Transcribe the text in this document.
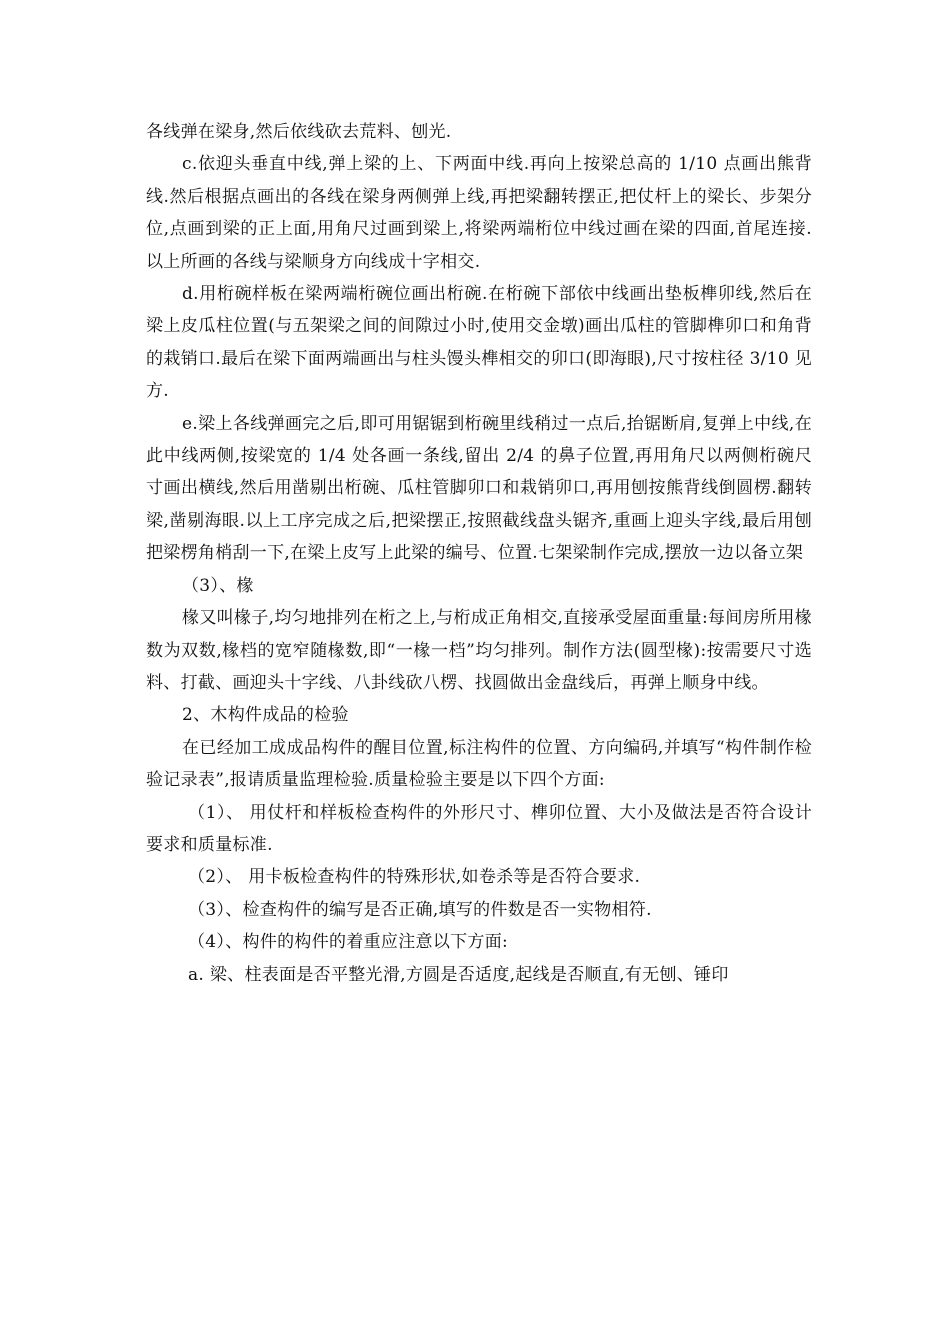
各线弹在梁身,然后依线砍去荒料、刨光.

c.依迎头垂直中线,弹上梁的上、下两面中线.再向上按梁总高的 1/10 点画出熊背线.然后根据点画出的各线在梁身两侧弹上线,再把梁翻转摆正,把仗杆上的梁长、步架分位,点画到梁的正上面,用角尺过画到梁上,将梁两端桁位中线过画在梁的四面,首尾连接.以上所画的各线与梁顺身方向线成十字相交.

d.用桁碗样板在梁两端桁碗位画出桁碗.在桁碗下部依中线画出垫板榫卯线,然后在梁上皮瓜柱位置(与五架梁之间的间隙过小时,使用交金墩)画出瓜柱的管脚榫卯口和角背的栽销口.最后在梁下面两端画出与柱头馒头榫相交的卯口(即海眼),尺寸按柱径 3/10 见方.

e.梁上各线弹画完之后,即可用锯锯到桁碗里线稍过一点后,抬锯断肩,复弹上中线,在此中线两侧,按梁宽的 1/4 处各画一条线,留出 2/4 的鼻子位置,再用角尺以两侧桁碗尺寸画出横线,然后用凿剔出桁碗、瓜柱管脚卯口和栽销卯口,再用刨按熊背线倒圆楞.翻转梁,凿剔海眼.以上工序完成之后,把梁摆正,按照截线盘头锯齐,重画上迎头字线,最后用刨把梁楞角梢刮一下,在梁上皮写上此梁的编号、位置.七架梁制作完成,摆放一边以备立架

（3）、椽

椽又叫椽子,均匀地排列在桁之上,与桁成正角相交,直接承受屋面重量:每间房所用椽数为双数,椽档的宽窄随椽数,即“一椽一档”均匀排列。制作方法(圆型椽):按需要尺寸选料、打截、画迎头十字线、八卦线砍八楞、找圆做出金盘线后，再弹上顺身中线。

2、木构件成品的检验

在已经加工成成品构件的醒目位置,标注构件的位置、方向编码,并填写“构件制作检验记录表”,报请质量监理检验.质量检验主要是以下四个方面:

（1）、 用仗杆和样板检查构件的外形尺寸、榫卯位置、大小及做法是否符合设计要求和质量标准.

（2）、 用卡板检查构件的特殊形状,如卷杀等是否符合要求.

（3）、检查构件的编写是否正确,填写的件数是否一实物相符.

（4）、构件的构件的着重应注意以下方面:

a. 梁、柱表面是否平整光滑,方圆是否适度,起线是否顺直,有无刨、锤印
